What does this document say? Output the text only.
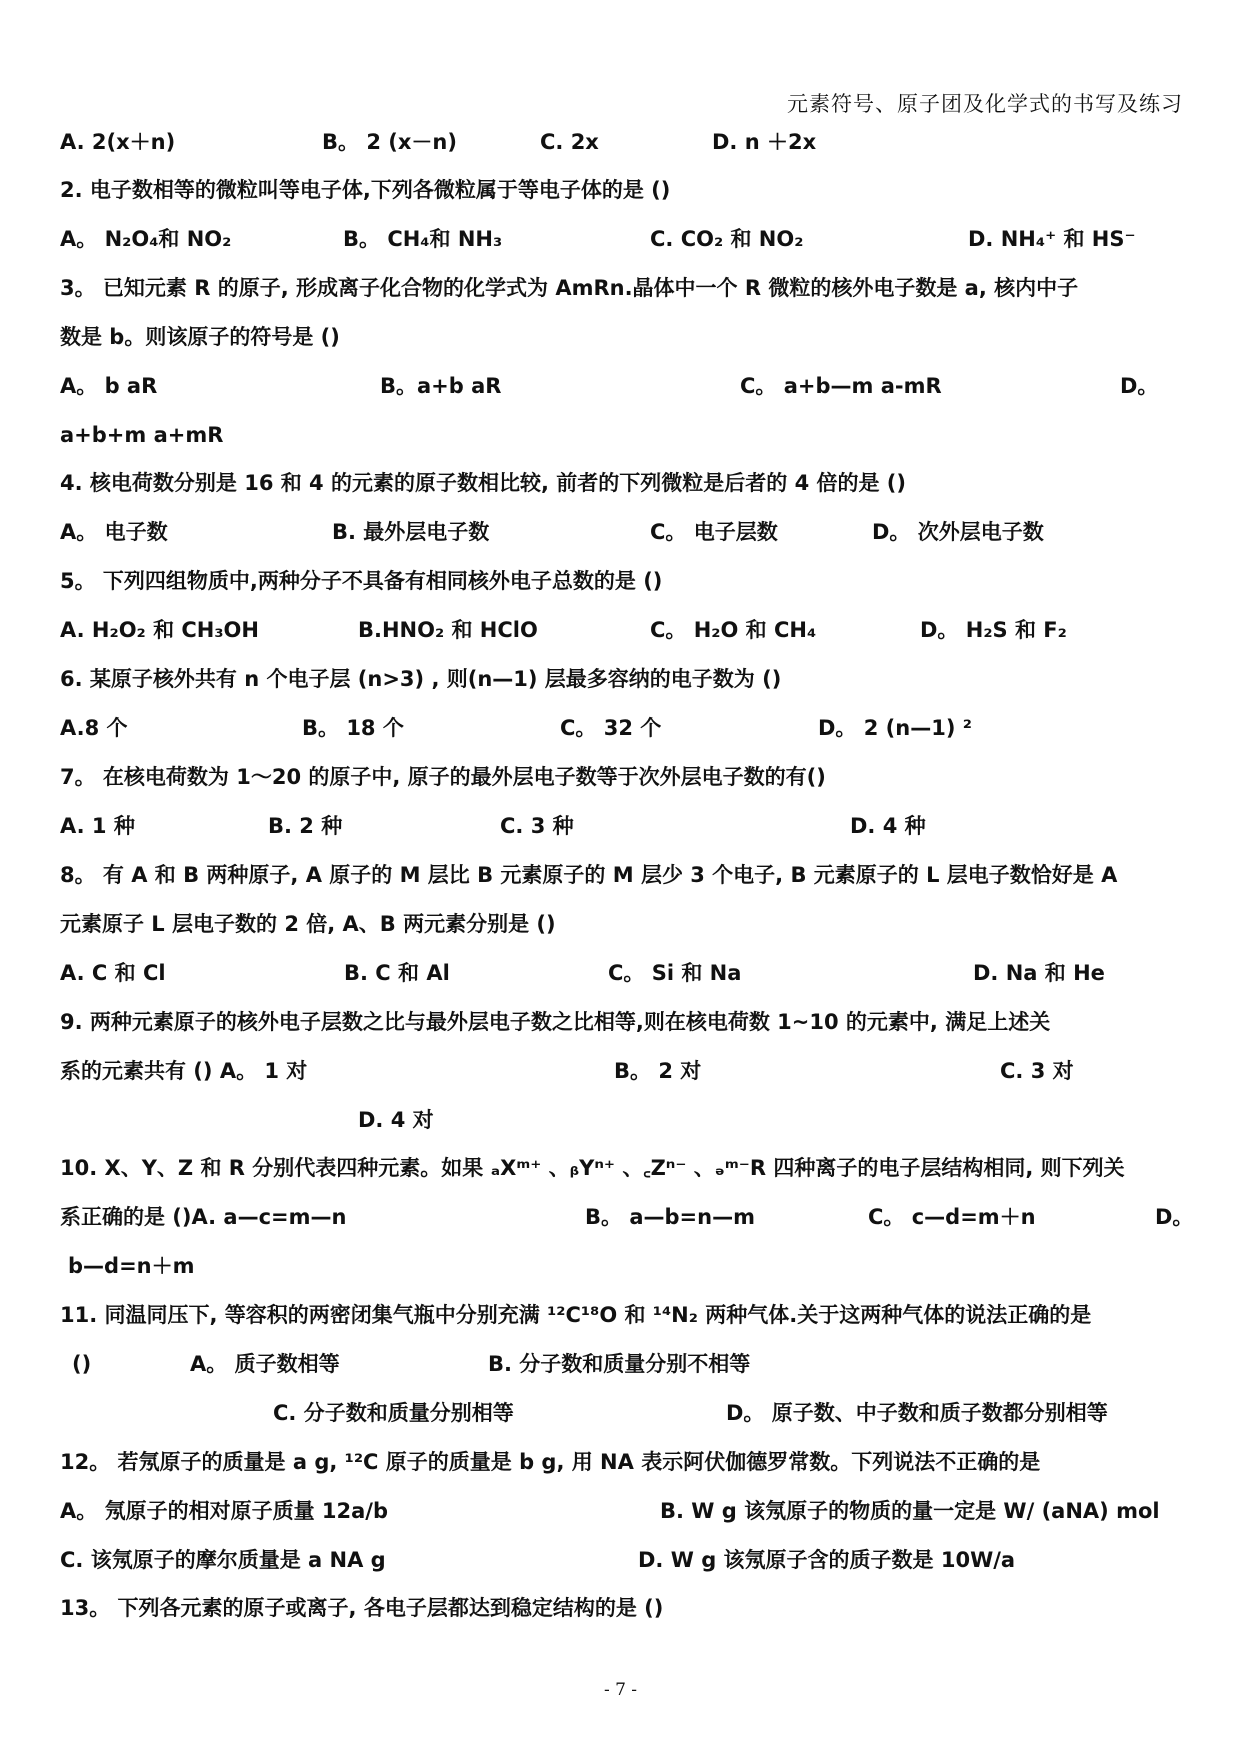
元素符号、原子团及化学式的书写及练习
A. 2(x＋n)	B。 2 (x－n)	C. 2x	D. n ＋2x
2. 电子数相等的微粒叫等电子体,下列各微粒属于等电子体的是 ()
A。 N₂O₄和 NO₂	B。 CH₄和 NH₃	C. CO₂ 和 NO₂	D. NH₄⁺ 和 HS⁻
3。 已知元素 R 的原子, 形成离子化合物的化学式为 AmRn.晶体中一个 R 微粒的核外电子数是 a, 核内中子
数是 b。则该原子的符号是 ()
A。 b aR	B。a+b aR	C。 a+b—m a-mR	D。
a+b+m a+mR
4. 核电荷数分别是 16 和 4 的元素的原子数相比较, 前者的下列微粒是后者的 4 倍的是 ()
A。 电子数	B. 最外层电子数	C。 电子层数	D。 次外层电子数
5。 下列四组物质中,两种分子不具备有相同核外电子总数的是 ()
A. H₂O₂ 和 CH₃OH	B.HNO₂ 和 HClO	C。 H₂O 和 CH₄	D。 H₂S 和 F₂
6. 某原子核外共有 n 个电子层 (n>3) , 则(n—1) 层最多容纳的电子数为 ()
A.8 个	B。 18 个	C。 32 个	D。 2 (n—1) ²
7。 在核电荷数为 1～20 的原子中, 原子的最外层电子数等于次外层电子数的有()
A. 1 种	B. 2 种	C. 3 种	D. 4 种
8。 有 A 和 B 两种原子, A 原子的 M 层比 B 元素原子的 M 层少 3 个电子, B 元素原子的 L 层电子数恰好是 A
元素原子 L 层电子数的 2 倍, A、B 两元素分别是 ()
A. C 和 Cl	B. C 和 Al	C。 Si 和 Na	D. Na 和 He
9. 两种元素原子的核外电子层数之比与最外层电子数之比相等,则在核电荷数 1~10 的元素中, 满足上述关
系的元素共有 () A。 1 对	B。 2 对	C. 3 对
D. 4 对
10. X、Y、Z 和 R 分别代表四种元素。如果 ₐXᵐ⁺ 、ᵦYⁿ⁺ 、꜀Zⁿ⁻ 、ₔᵐ⁻R 四种离子的电子层结构相同, 则下列关
系正确的是 ()A. a—c=m—n	B。 a—b=n—m	C。 c—d=m＋n	D。
b—d=n＋m
11. 同温同压下, 等容积的两密闭集气瓶中分别充满 ¹²C¹⁸O 和 ¹⁴N₂ 两种气体.关于这两种气体的说法正确的是
()	A。 质子数相等	B. 分子数和质量分别不相等
C. 分子数和质量分别相等	D。 原子数、中子数和质子数都分别相等
12。 若氖原子的质量是 a g, ¹²C 原子的质量是 b g, 用 NA 表示阿伏伽德罗常数。下列说法不正确的是
A。 氖原子的相对原子质量 12a/b	B. W g 该氖原子的物质的量一定是 W/ (aNA) mol
C. 该氖原子的摩尔质量是 a NA g	D. W g 该氖原子含的质子数是 10W/a
13。 下列各元素的原子或离子, 各电子层都达到稳定结构的是 ()
- 7 -
